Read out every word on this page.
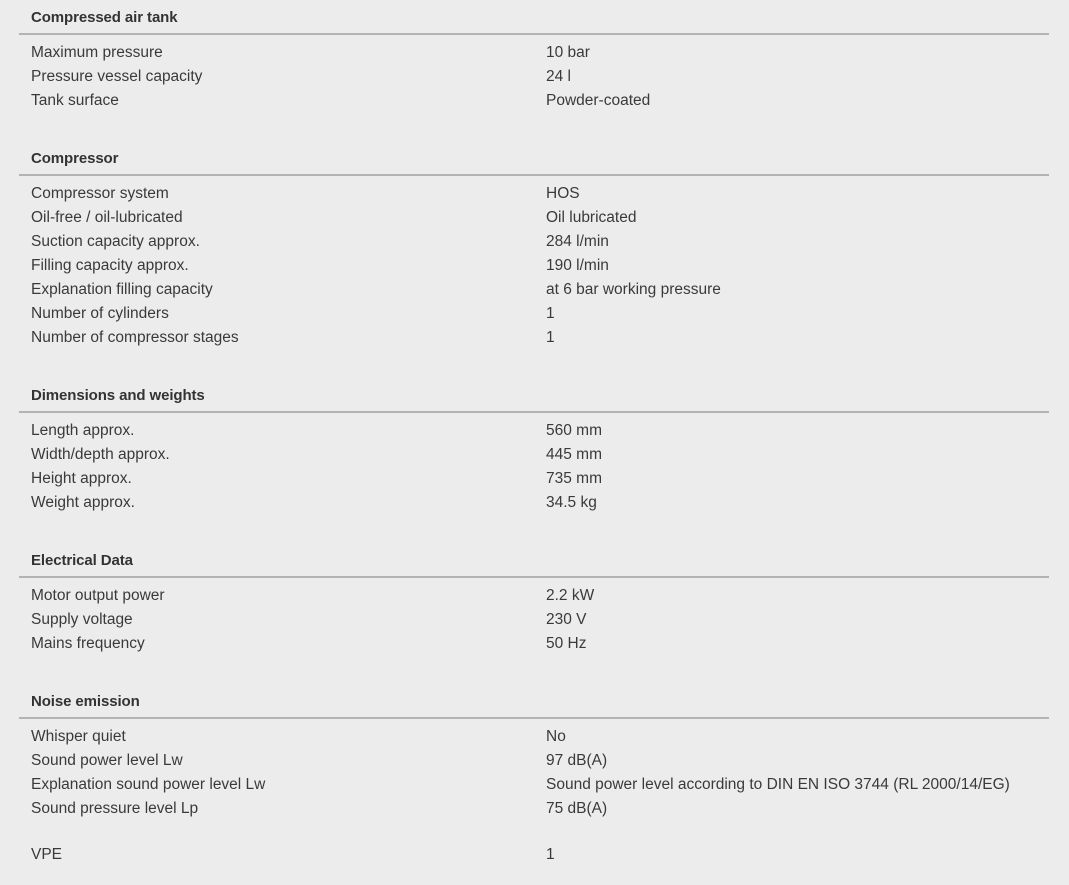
Compressed air tank
Maximum pressure	10 bar
Pressure vessel capacity	24 l
Tank surface	Powder-coated
Compressor
Compressor system	HOS
Oil-free / oil-lubricated	Oil lubricated
Suction capacity approx.	284 l/min
Filling capacity approx.	190 l/min
Explanation filling capacity	at 6 bar working pressure
Number of cylinders	1
Number of compressor stages	1
Dimensions and weights
Length approx.	560 mm
Width/depth approx.	445 mm
Height approx.	735 mm
Weight approx.	34.5 kg
Electrical Data
Motor output power	2.2 kW
Supply voltage	230 V
Mains frequency	50 Hz
Noise emission
Whisper quiet	No
Sound power level Lw	97 dB(A)
Explanation sound power level Lw	Sound power level according to DIN EN ISO 3744 (RL 2000/14/EG)
Sound pressure level Lp	75 dB(A)
VPE	1
